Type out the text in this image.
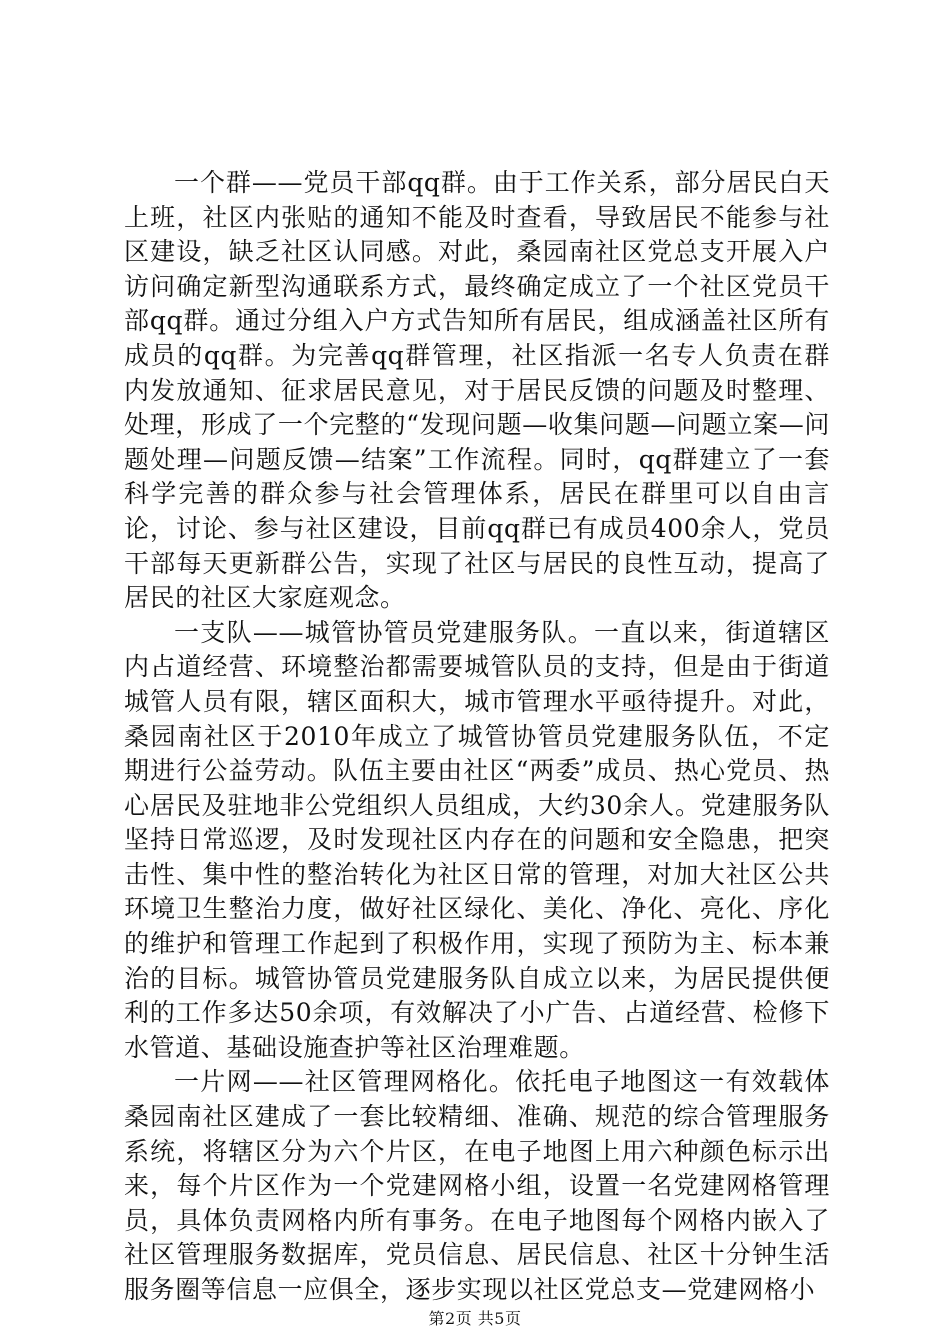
一个群——党员干部qq群。由于工作关系，部分居民白天上班，社区内张贴的通知不能及时查看，导致居民不能参与社区建设，缺乏社区认同感。对此，桑园南社区党总支开展入户访问确定新型沟通联系方式，最终确定成立了一个社区党员干部qq群。通过分组入户方式告知所有居民，组成涵盖社区所有成员的qq群。为完善qq群管理，社区指派一名专人负责在群内发放通知、征求居民意见，对于居民反馈的问题及时整理、处理，形成了一个完整的“发现问题—收集问题—问题立案—问题处理—问题反馈—结案”工作流程。同时，qq群建立了一套科学完善的群众参与社会管理体系，居民在群里可以自由言论，讨论、参与社区建设，目前qq群已有成员400余人，党员干部每天更新群公告，实现了社区与居民的良性互动，提高了居民的社区大家庭观念。

一支队——城管协管员党建服务队。一直以来，街道辖区内占道经营、环境整治都需要城管队员的支持，但是由于街道城管人员有限，辖区面积大，城市管理水平亟待提升。对此，桑园南社区于2010年成立了城管协管员党建服务队伍，不定期进行公益劳动。队伍主要由社区“两委”成员、热心党员、热心居民及驻地非公党组织人员组成，大约30余人。党建服务队坚持日常巡逻，及时发现社区内存在的问题和安全隐患，把突击性、集中性的整治转化为社区日常的管理，对加大社区公共环境卫生整治力度，做好社区绿化、美化、净化、亮化、序化的维护和管理工作起到了积极作用，实现了预防为主、标本兼治的目标。城管协管员党建服务队自成立以来，为居民提供便利的工作多达50余项，有效解决了小广告、占道经营、检修下水管道、基础设施查护等社区治理难题。

一片网——社区管理网格化。依托电子地图这一有效载体桑园南社区建成了一套比较精细、准确、规范的综合管理服务系统，将辖区分为六个片区，在电子地图上用六种颜色标示出来，每个片区作为一个党建网格小组，设置一名党建网格管理员，具体负责网格内所有事务。在电子地图每个网格内嵌入了社区管理服务数据库，党员信息、居民信息、社区十分钟生活服务圈等信息一应俱全，逐步实现以社区党总支—党建网格小

第2页 共5页
